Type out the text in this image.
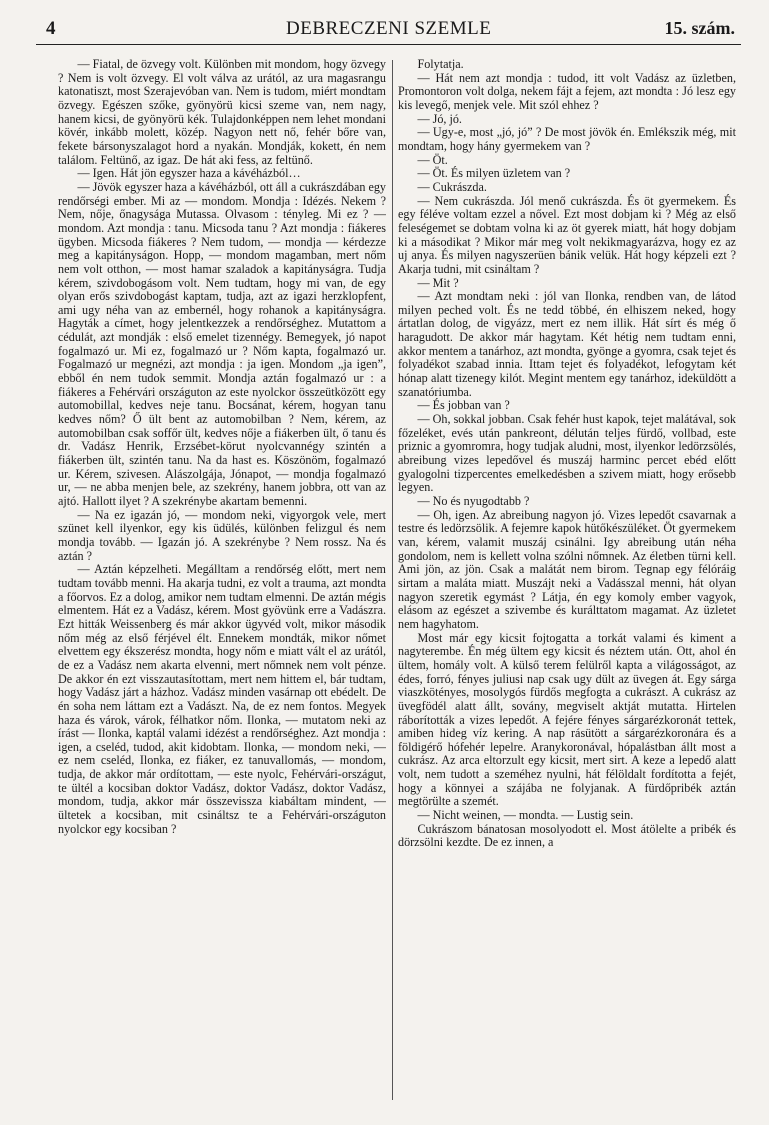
4	DEBRECZENI SZEMLE	15. szám.

— Fiatal, de özvegy volt. Különben mit mondom, hogy özvegy ? Nem is volt özvegy. El volt válva az urától, az ura magasrangu katonatiszt, most Szerajevóban van. Nem is tudom, miért mondtam özvegy. Egészen szőke, gyönyörü kicsi szeme van, nem nagy, hanem kicsi, de gyönyörü kék. Tulajdonképpen nem lehet mondani kövér, inkább molett, közép. Nagyon nett nő, fehér bőre van, fekete bársonyszalagot hord a nyakán. Mondják, kokett, én nem találom. Feltünő, az igaz. De hát aki fess, az feltünő.

— Igen. Hát jön egyszer haza a kávéházból…

— Jövök egyszer haza a kávéházból, ott áll a cukrászdában egy rendőrségi ember. Mi az — mondom. Mondja : Idézés. Nekem ? Nem, nője, őnagysága Mutassa. Olvasom : tényleg. Mi ez ? — mondom. Azt mondja : tanu. Micsoda tanu ? Azt mondja : fiákeres ügyben. Micsoda fiákeres ? Nem tudom, — mondja — kérdezze meg a kapitányságon. Hopp, — mondom magamban, mert nőm nem volt otthon, — most hamar szaladok a kapitányságra. Tudja kérem, szivdobogásom volt. Nem tudtam, hogy mi van, de egy olyan erős szivdobogást kaptam, tudja, azt az igazi herzklopfent, ami ugy néha van az embernél, hogy rohanok a kapitányságra. Hagyták a címet, hogy jelentkezzek a rendőrséghez. Mutattom a cédulát, azt mondják : első emelet tizennégy. Bemegyek, jó napot fogalmazó ur. Mi ez, fogalmazó ur ? Nőm kapta, fogalmazó ur. Fogalmazó ur megnézi, azt mondja : ja igen. Mondom „ja igen”, ebből én nem tudok semmit. Mondja aztán fogalmazó ur : a fiákeres a Fehérvári országuton az este nyolckor összeütközött egy automobillal, kedves neje tanu. Bocsánat, kérem, hogyan tanu kedves nőm? Ő ült bent az automobilban ? Nem, kérem, az automobilban csak soffőr ült, kedves nője a fiákerben ült, ő tanu és dr. Vadász Henrik, Erzsébet-körut nyolcvannégy szintén a fiákerben ült, szintén tanu. Na da hast es. Köszönöm, fogalmazó ur. Kérem, szivesen. Alászolgája, Jónapot, — mondja fogalmazó ur, — ne abba menjen bele, az szekrény, hanem jobbra, ott van az ajtó. Hallott ilyet ? A szekrénybe akartam bemenni.

— Na ez igazán jó, — mondom neki, vigyorgok vele, mert szünet kell ilyenkor, egy kis üdülés, különben felizgul és nem mondja tovább. — Igazán jó. A szekrénybe ? Nem rossz. Na és aztán ?

— Aztán képzelheti. Megálltam a rendőrség előtt, mert nem tudtam tovább menni. Ha akarja tudni, ez volt a trauma, azt mondta a főorvos. Ez a dolog, amikor nem tudtam elmenni. De aztán mégis elmentem. Hát ez a Vadász, kérem. Most gyövünk erre a Vadászra. Ezt hitták Weissenberg és már akkor ügyvéd volt, mikor második nőm még az első férjével élt. Ennekem mondták, mikor nőmet elvettem egy ékszerész mondta, hogy nőm e miatt vált el az urától, de ez a Vadász nem akarta elvenni, mert nőmnek nem volt pénze. De akkor én ezt visszautasítottam, mert nem hittem el, bár tudtam, hogy Vadász járt a házhoz. Vadász minden vasárnap ott ebédelt. De én soha nem láttam ezt a Vadászt. Na, de ez nem fontos. Megyek haza és várok, várok, félhatkor nőm. Ilonka, — mutatom neki az írást — Ilonka, kaptál valami idézést a rendőrséghez. Azt mondja : igen, a cseléd, tudod, akit kidobtam. Ilonka, — mondom neki, — ez nem cseléd, Ilonka, ez fiáker, ez tanuvallomás, — mondom, tudja, de akkor már ordítottam, — este nyolc, Fehérvári-országut, te ültél a kocsiban doktor Vadász, doktor Vadász, doktor Vadász, mondom, tudja, akkor már összevissza kiabáltam mindent, — ültetek a kocsiban, mit csináltsz te a Fehérvári-országuton nyolckor egy kocsiban ?

Folytatja.

— Hát nem azt mondja : tudod, itt volt Vadász az üzletben, Promontoron volt dolga, nekem fájt a fejem, azt mondta : Jó lesz egy kis levegő, menjek vele. Mit szól ehhez ?

— Jó, jó.

— Ugy-e, most „jó, jó” ? De most jövök én. Emlékszik még, mit mondtam, hogy hány gyermekem van ?

— Öt.

— Öt. És milyen üzletem van ?

— Cukrászda.

— Nem cukrászda. Jól menő cukrászda. És öt gyermekem. És egy féléve voltam ezzel a nővel. Ezt most dobjam ki ? Még az első feleségemet se dobtam volna ki az öt gyerek miatt, hát hogy dobjam ki a másodikat ? Mikor már meg volt nekikmagyarázva, hogy ez az uj anya. És milyen nagyszerüen bánik velük. Hát hogy képzeli ezt ? Akarja tudni, mit csináltam ?

— Mit ?

— Azt mondtam neki : jól van Ilonka, rendben van, de látod milyen peched volt. És ne tedd többé, én elhiszem neked, hogy ártatlan dolog, de vigyázz, mert ez nem illik. Hát sírt és még ő haragudott. De akkor már hagytam. Két hétig nem tudtam enni, akkor mentem a tanárhoz, azt mondta, gyönge a gyomra, csak tejet és folyadékot szabad innia. Ittam tejet és folyadékot, lefogytam két hónap alatt tizenegy kilót. Megint mentem egy tanárhoz, ideküldött a szanatóriumba.

— És jobban van ?

— Oh, sokkal jobban. Csak fehér hust kapok, tejet malátával, sok főzeléket, evés után pankreont, délután teljes fürdő, vollbad, este priznic a gyomromra, hogy tudjak aludni, most, ilyenkor ledörzsölés, abreibung vizes lepedővel és muszáj harminc percet ebéd előtt gyalogolni tizpercentes emelkedésben a szivem miatt, hogy erősebb legyen.

— No és nyugodtabb ?

— Oh, igen. Az abreibung nagyon jó. Vizes lepedőt csavarnak a testre és ledörzsölik. A fejemre kapok hütőkészüléket. Öt gyermekem van, kérem, valamit muszáj csinálni. Igy abreibung után néha gondolom, nem is kellett volna szólni nőmnek. Az életben türni kell. Ami jön, az jön. Csak a malátát nem birom. Tegnap egy félóráig sirtam a maláta miatt. Muszájt neki a Vadásszal menni, hát olyan nagyon szeretik egymást ? Látja, én egy komoly ember vagyok, elásom az egészet a szivembe és kurálttatom magamat. Az üzletet nem hagyhatom.

Most már egy kicsit fojtogatta a torkát valami és kiment a nagyterembe. Én még ültem egy kicsit és néztem után. Ott, ahol én ültem, homály volt. A külső terem felülről kapta a világosságot, az édes, forró, fényes juliusi nap csak ugy dült az üvegen át. Egy sárga viaszkötényes, mosolygós fürdős megfogta a cukrászt. A cukrász az üvegfödél alatt állt, sovány, megviselt aktját mutatta. Hirtelen ráborították a vizes lepedőt. A fejére fényes sárgarézkoronát tettek, amiben hideg víz kering. A nap rásütött a sárgarézkoronára és a földigérő hófehér lepelre. Aranykoronával, hópalástban állt most a cukrász. Az arca eltorzult egy kicsit, mert sirt. A keze a lepedő alatt volt, nem tudott a szeméhez nyulni, hát félöldalt fordította a fejét, hogy a könnyei a szájába ne folyjanak. A fürdőpribék aztán megtörülte a szemét.

— Nicht weinen, — mondta. — Lustig sein.

Cukrászom bánatosan mosolyodott el. Most átölelte a pribék és dörzsölni kezdte. De ez innen, a
